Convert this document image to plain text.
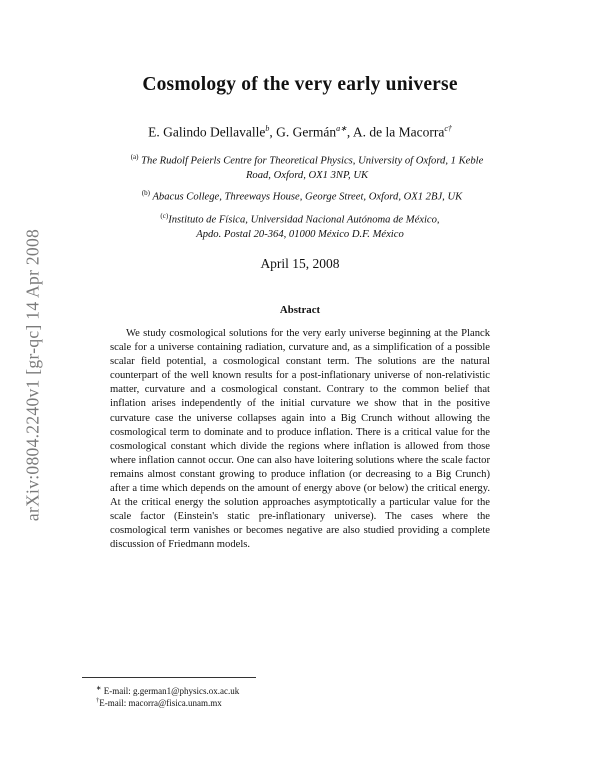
arXiv:0804.2240v1 [gr-qc] 14 Apr 2008
Cosmology of the very early universe
E. Galindo Dellavalle$^b$, G. Germán$^{a∗}$, A. de la Macorra$^{c\dagger}$
$^{(a)}$ The Rudolf Peierls Centre for Theoretical Physics, University of Oxford, 1 Keble
Road, Oxford, OX1 3NP, UK
$^{(b)}$ Abacus College, Threeways House, George Street, Oxford, OX1 2BJ, UK
$^{(c)}$Instituto de Física, Universidad Nacional Autónoma de México,
Apdo. Postal 20-364, 01000 México D.F. México
April 15, 2008
Abstract

We study cosmological solutions for the very early universe beginning at the Planck scale for a universe containing radiation, curvature and, as a simplification of a possible scalar field potential, a cosmological constant term. The solutions are the natural counterpart of the well known results for a post-inflationary universe of non-relativistic matter, curvature and a cosmological constant. Contrary to the common belief that inflation arises independently of the initial curvature we show that in the positive curvature case the universe collapses again into a Big Crunch without allowing the cosmological term to dominate and to produce inflation. There is a critical value for the cosmological constant which divide the regions where inflation is allowed from those where inflation cannot occur. One can also have loitering solutions where the scale factor remains almost constant growing to produce inflation (or decreasing to a Big Crunch) after a time which depends on the amount of energy above (or below) the critical energy. At the critical energy the solution approaches asymptotically a particular value for the scale factor (Einstein's static pre-inflationary universe). The cases where the cosmological term vanishes or becomes negative are also studied providing a complete discussion of Friedmann models.

∗ E-mail: g.german1@physics.ox.ac.uk
†E-mail: macorra@fisica.unam.mx
